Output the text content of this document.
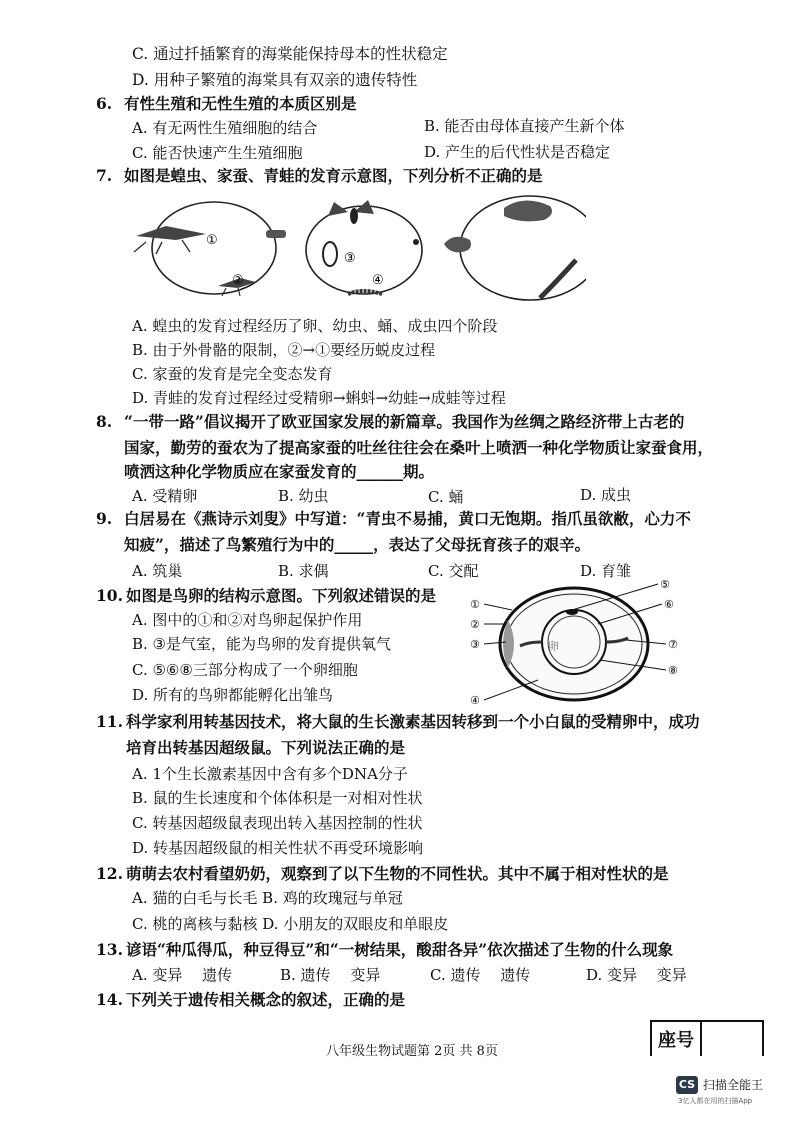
C. 通过扦插繁育的海棠能保持母本的性状稳定
D. 用种子繁殖的海棠具有双亲的遗传特性
6. 有性生殖和无性生殖的本质区别是
A. 有无两性生殖细胞的结合	B. 能否由母体直接产生新个体
C. 能否快速产生生殖细胞	D. 产生的后代性状是否稳定
7. 如图是蝗虫、家蚕、青蛙的发育示意图，下列分析不正确的是
①
②
③
④
A. 蝗虫的发育过程经历了卵、幼虫、蛹、成虫四个阶段
B. 由于外骨骼的限制，②→①要经历蜕皮过程
C. 家蚕的发育是完全变态发育
D. 青蛙的发育过程经过受精卵→蝌蚪→幼蛙→成蛙等过程
8. “一带一路”倡议揭开了欧亚国家发展的新篇章。我国作为丝绸之路经济带上古老的
国家，勤劳的蚕农为了提高家蚕的吐丝往往会在桑叶上喷洒一种化学物质让家蚕食用，
喷洒这种化学物质应在家蚕发育的______期。
A. 受精卵	B. 幼虫	C. 蛹	D. 成虫
9. 白居易在《燕诗示刘叟》中写道：“青虫不易捕，黄口无饱期。指爪虽欲敝，心力不
知疲”，描述了鸟繁殖行为中的_____，表达了父母抚育孩子的艰辛。
A. 筑巢	B. 求偶	C. 交配	D. 育雏
10. 如图是鸟卵的结构示意图。下列叙述错误的是
A. 图中的①和②对鸟卵起保护作用
B. ③是气室，能为鸟卵的发育提供氧气
C. ⑤⑥⑧三部分构成了一个卵细胞
D. 所有的鸟卵都能孵化出雏鸟
卵
①
②
③
④
⑤
⑥
⑦
⑧
11. 科学家利用转基因技术，将大鼠的生长激素基因转移到一个小白鼠的受精卵中，成功
培育出转基因超级鼠。下列说法正确的是
A. 1个生长激素基因中含有多个DNA分子
B. 鼠的生长速度和个体体积是一对相对性状
C. 转基因超级鼠表现出转入基因控制的性状
D. 转基因超级鼠的相关性状不再受环境影响
12. 萌萌去农村看望奶奶，观察到了以下生物的不同性状。其中不属于相对性状的是
A. 猫的白毛与长毛 B. 鸡的玫瑰冠与单冠
C. 桃的离核与黏核 D. 小朋友的双眼皮和单眼皮
13. 谚语“种瓜得瓜，种豆得豆”和“一树结果，酸甜各异”依次描述了生物的什么现象
A. 变异　 遗传	B. 遗传　 变异	C. 遗传　 遗传	D. 变异　 变异
14. 下列关于遗传相关概念的叙述，正确的是
八年级生物试题第 2页 共 8页
座号
CS 扫描全能王
3亿人都在用的扫描App
